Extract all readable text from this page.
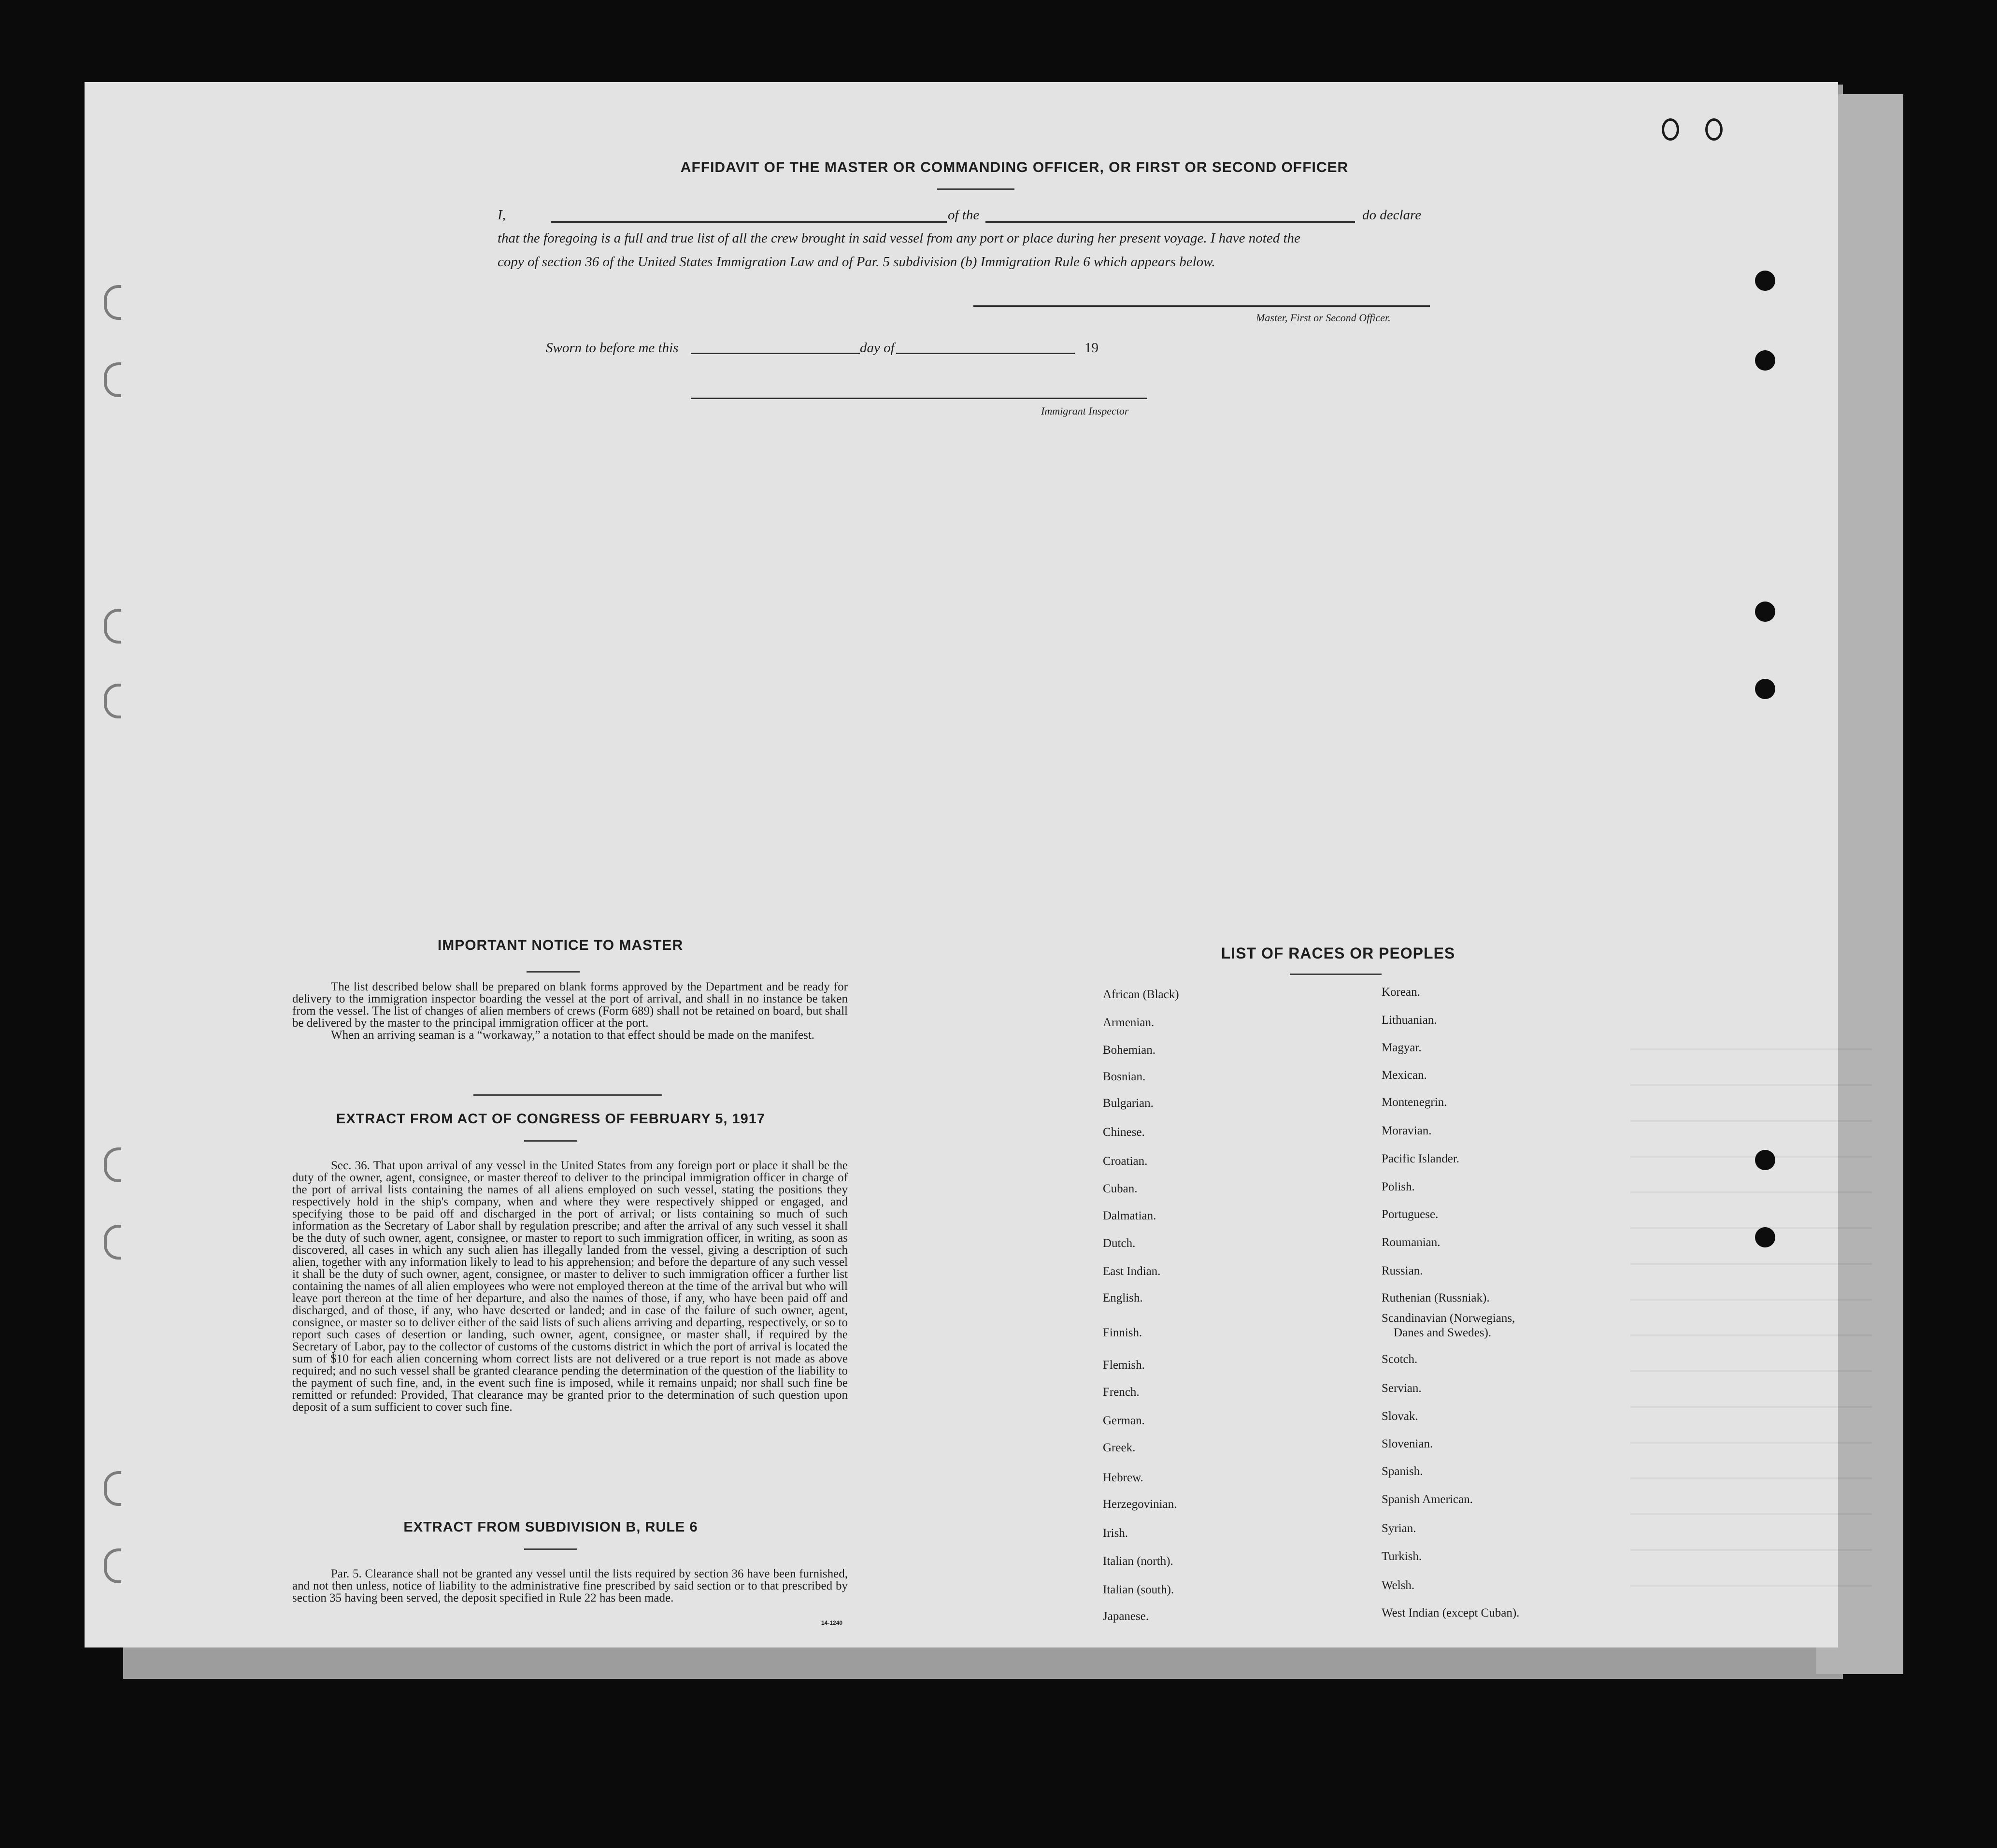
AFFIDAVIT OF THE MASTER OR COMMANDING OFFICER, OR FIRST OR SECOND OFFICER
I,	of the	do declare
that the foregoing is a full and true list of all the crew brought in said vessel from any port or place during her present voyage. I have noted the
copy of section 36 of the United States Immigration Law and of Par. 5 subdivision (b) Immigration Rule 6 which appears below.
Master, First or Second Officer.
Sworn to before me this	day of	19
Immigrant Inspector
IMPORTANT NOTICE TO MASTER

The list described below shall be prepared on blank forms approved by the Department and be ready for delivery to the immigration inspector boarding the vessel at the port of arrival, and shall in no instance be taken from the vessel. The list of changes of alien members of crews (Form 689) shall not be retained on board, but shall be delivered by the master to the principal immigration officer at the port.

When an arriving seaman is a “workaway,” a notation to that effect should be made on the manifest.

EXTRACT FROM ACT OF CONGRESS OF FEBRUARY 5, 1917

Sec. 36. That upon arrival of any vessel in the United States from any foreign port or place it shall be the duty of the owner, agent, consignee, or master thereof to deliver to the principal immigration officer in charge of the port of arrival lists containing the names of all aliens employed on such vessel, stating the positions they respectively hold in the ship's company, when and where they were respectively shipped or engaged, and specifying those to be paid off and discharged in the port of arrival; or lists containing so much of such information as the Secretary of Labor shall by regulation prescribe; and after the arrival of any such vessel it shall be the duty of such owner, agent, consignee, or master to report to such immigration officer, in writing, as soon as discovered, all cases in which any such alien has illegally landed from the vessel, giving a description of such alien, together with any information likely to lead to his apprehension; and before the departure of any such vessel it shall be the duty of such owner, agent, consignee, or master to deliver to such immigration officer a further list containing the names of all alien employees who were not employed thereon at the time of the arrival but who will leave port thereon at the time of her departure, and also the names of those, if any, who have been paid off and discharged, and of those, if any, who have deserted or landed; and in case of the failure of such owner, agent, consignee, or master so to deliver either of the said lists of such aliens arriving and departing, respectively, or so to report such cases of desertion or landing, such owner, agent, consignee, or master shall, if required by the Secretary of Labor, pay to the collector of customs of the customs district in which the port of arrival is located the sum of $10 for each alien concerning whom correct lists are not delivered or a true report is not made as above required; and no such vessel shall be granted clearance pending the determination of the question of the liability to the payment of such fine, and, in the event such fine is imposed, while it remains unpaid; nor shall such fine be remitted or refunded: Provided, That clearance may be granted prior to the determination of such question upon deposit of a sum sufficient to cover such fine.

EXTRACT FROM SUBDIVISION B, RULE 6

Par. 5. Clearance shall not be granted any vessel until the lists required by section 36 have been furnished, and not then unless, notice of liability to the administrative fine prescribed by said section or to that prescribed by section 35 having been served, the deposit specified in Rule 22 has been made.

14-1240
LIST OF RACES OR PEOPLES
African (Black)
Armenian.
Bohemian.
Bosnian.
Bulgarian.
Chinese.
Croatian.
Cuban.
Dalmatian.
Dutch.
East Indian.
English.
Finnish.
Flemish.
French.
German.
Greek.
Hebrew.
Herzegovinian.
Irish.
Italian (north).
Italian (south).
Japanese.
Korean.
Lithuanian.
Magyar.
Mexican.
Montenegrin.
Moravian.
Pacific Islander.
Polish.
Portuguese.
Roumanian.
Russian.
Ruthenian (Russniak).
Scandinavian (Norwegians,
Danes and Swedes).
Scotch.
Servian.
Slovak.
Slovenian.
Spanish.
Spanish American.
Syrian.
Turkish.
Welsh.
West Indian (except Cuban).
